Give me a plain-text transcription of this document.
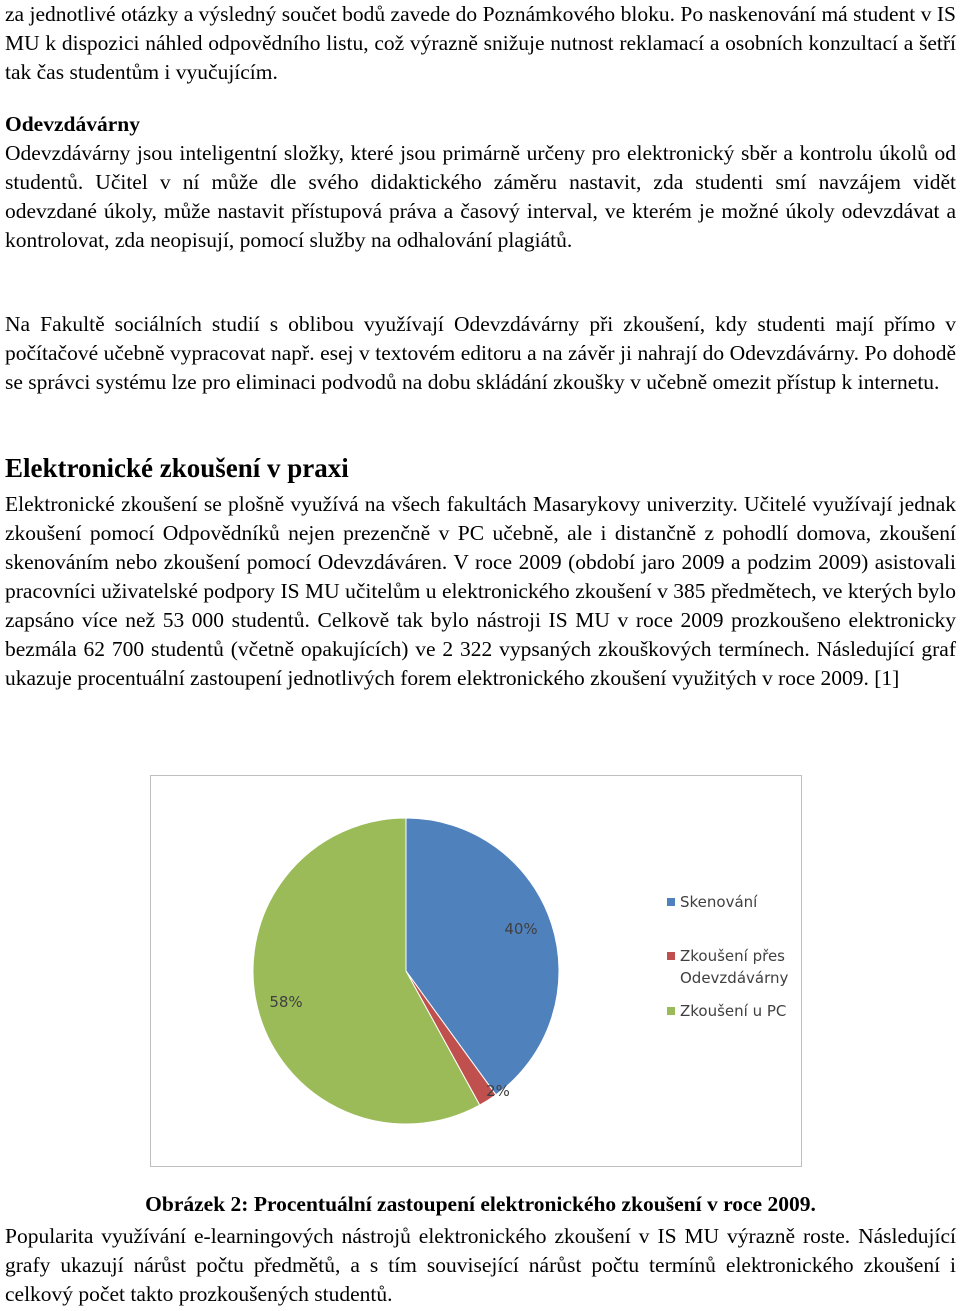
za jednotlivé otázky a výsledný součet bodů zavede do Poznámkového bloku. Po naskenování má student v IS MU k dispozici náhled odpovědního listu, což výrazně snižuje nutnost reklamací a osobních konzultací a šetří tak čas studentům i vyučujícím.

Odevzdávárny

Odevzdávárny jsou inteligentní složky, které jsou primárně určeny pro elektronický sběr a kontrolu úkolů od studentů. Učitel v ní může dle svého didaktického záměru nastavit, zda studenti smí navzájem vidět odevzdané úkoly, může nastavit přístupová práva a časový interval, ve kterém je možné úkoly odevzdávat a kontrolovat, zda neopisují, pomocí služby na odhalování plagiátů.

Na Fakultě sociálních studií s oblibou využívají Odevzdávárny při zkoušení, kdy studenti mají přímo v počítačové učebně vypracovat např. esej v textovém editoru a na závěr ji nahrají do Odevzdávárny. Po dohodě se správci systému lze pro eliminaci podvodů na dobu skládání zkoušky v učebně omezit přístup k internetu.

Elektronické zkoušení v praxi

Elektronické zkoušení se plošně využívá na všech fakultách Masarykovy univerzity. Učitelé využívají jednak zkoušení pomocí Odpovědníků nejen prezenčně v PC učebně, ale i distančně z pohodlí domova, zkoušení skenováním nebo zkoušení pomocí Odevzdáváren. V roce 2009 (období jaro 2009 a podzim 2009) asistovali pracovníci uživatelské podpory IS MU učitelům u elektronického zkoušení v 385 předmětech, ve kterých bylo zapsáno více než 53 000 studentů. Celkově tak bylo nástroji IS MU v roce 2009 prozkoušeno elektronicky bezmála 62 700 studentů (včetně opakujících) ve 2 322 vypsaných zkouškových termínech. Následující graf ukazuje procentuální zastoupení jednotlivých forem elektronického zkoušení využitých v roce 2009. [1]

Obrázek 2: Procentuální zastoupení elektronického zkoušení v roce 2009.

Popularita využívání e-learningových nástrojů elektronického zkoušení v IS MU výrazně roste. Následující grafy ukazují nárůst počtu předmětů, a s tím související nárůst počtu termínů elektronického zkoušení i celkový počet takto prozkoušených studentů.

40%
2%
58%
Skenování
Zkoušení přes
Odevzdávárny
Zkoušení u PC
